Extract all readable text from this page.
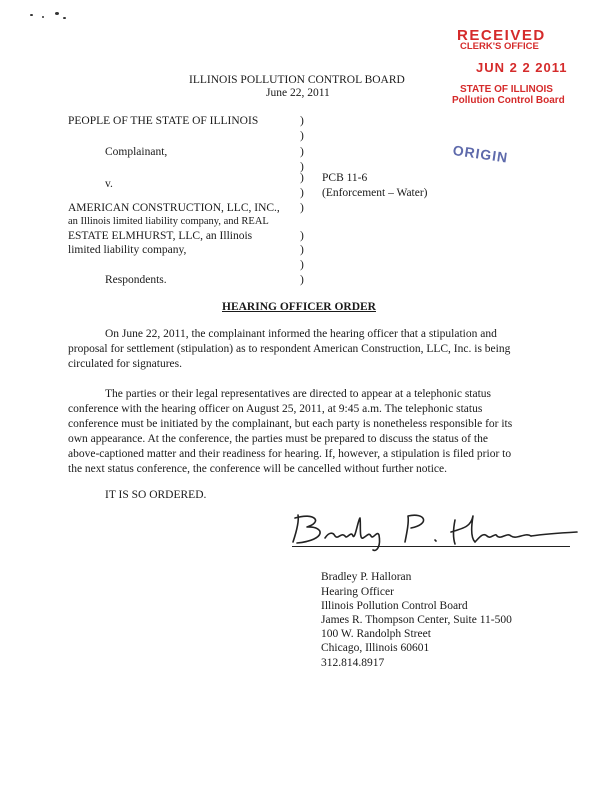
RECEIVED
CLERK'S OFFICE
JUN 2 2 2011
STATE OF ILLINOIS
Pollution Control Board
ORIGIN
ILLINOIS POLLUTION CONTROL BOARD
June 22, 2011
PEOPLE OF THE STATE OF ILLINOIS
Complainant,
v.
AMERICAN CONSTRUCTION, LLC, INC.,
an Illinois limited liability company, and REAL
ESTATE ELMHURST, LLC, an Illinois
limited liability company,
Respondents.
)
)
)
)
)
)
)
)
)
)
)
PCB 11-6
(Enforcement – Water)
HEARING OFFICER ORDER
On June 22, 2011, the complainant informed the hearing officer that a stipulation and
proposal for settlement (stipulation) as to respondent American Construction, LLC, Inc. is being
circulated for signatures.
The parties or their legal representatives are directed to appear at a telephonic status
conference with the hearing officer on August 25, 2011, at 9:45 a.m. The telephonic status
conference must be initiated by the complainant, but each party is nonetheless responsible for its
own appearance. At the conference, the parties must be prepared to discuss the status of the
above-captioned matter and their readiness for hearing. If, however, a stipulation is filed prior to
the next status conference, the conference will be cancelled without further notice.
IT IS SO ORDERED.
Bradley P. Halloran
Hearing Officer
Illinois Pollution Control Board
James R. Thompson Center, Suite 11-500
100 W. Randolph Street
Chicago, Illinois 60601
312.814.8917
